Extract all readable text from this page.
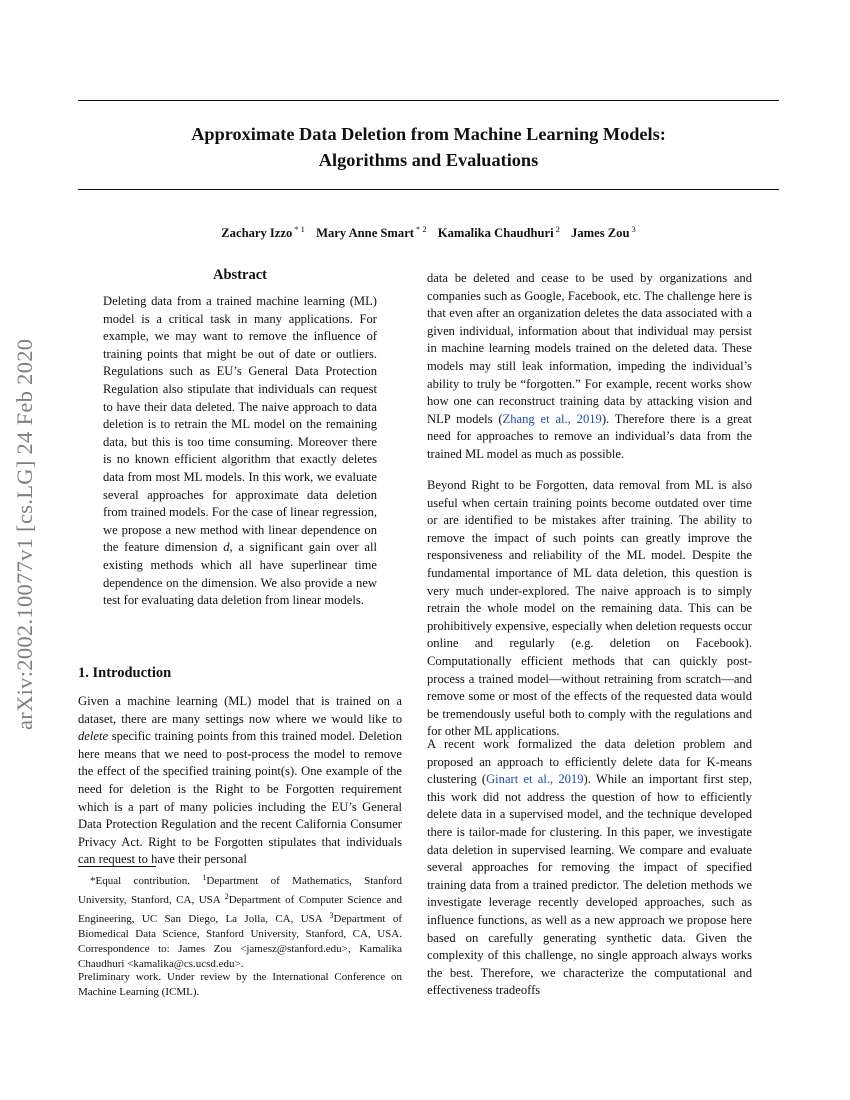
arXiv:2002.10077v1 [cs.LG] 24 Feb 2020
Approximate Data Deletion from Machine Learning Models:
Algorithms and Evaluations
Zachary Izzo $^{* 1}$ Mary Anne Smart $^{* 2}$ Kamalika Chaudhuri $^2$ James Zou $^3$
Abstract

Deleting data from a trained machine learning (ML) model is a critical task in many applications. For example, we may want to remove the influence of training points that might be out of date or outliers. Regulations such as EU’s General Data Protection Regulation also stipulate that individuals can request to have their data deleted. The naive approach to data deletion is to retrain the ML model on the remaining data, but this is too time consuming. Moreover there is no known efficient algorithm that exactly deletes data from most ML models. In this work, we evaluate several approaches for approximate data deletion from trained models. For the case of linear regression, we propose a new method with linear dependence on the feature dimension d, a significant gain over all existing methods which all have superlinear time dependence on the dimension. We also provide a new test for evaluating data deletion from linear models.

1. Introduction

Given a machine learning (ML) model that is trained on a dataset, there are many settings now where we would like to delete specific training points from this trained model. Deletion here means that we need to post-process the model to remove the effect of the specified training point(s). One example of the need for deletion is the Right to be Forgotten requirement which is a part of many policies including the EU’s General Data Protection Regulation and the recent California Consumer Privacy Act. Right to be Forgotten stipulates that individuals can request to have their personal

*Equal contribution. $^1$Department of Mathematics, Stanford University, Stanford, CA, USA $^2$Department of Computer Science and Engineering, UC San Diego, La Jolla, CA, USA $^3$Department of Biomedical Data Science, Stanford University, Stanford, CA, USA. Correspondence to: James Zou <jamesz@stanford.edu>, Kamalika Chaudhuri <kamalika@cs.ucsd.edu>.

Preliminary work. Under review by the International Conference on Machine Learning (ICML).

data be deleted and cease to be used by organizations and companies such as Google, Facebook, etc. The challenge here is that even after an organization deletes the data associated with a given individual, information about that individual may persist in machine learning models trained on the deleted data. These models may still leak information, impeding the individual’s ability to truly be “forgotten.” For example, recent works show how one can reconstruct training data by attacking vision and NLP models (Zhang et al., 2019). Therefore there is a great need for approaches to remove an individual’s data from the trained ML model as much as possible.

Beyond Right to be Forgotten, data removal from ML is also useful when certain training points become outdated over time or are identified to be mistakes after training. The ability to remove the impact of such points can greatly improve the responsiveness and reliability of the ML model. Despite the fundamental importance of ML data deletion, this question is very much under-explored. The naive approach is to simply retrain the whole model on the remaining data. This can be prohibitively expensive, especially when deletion requests occur online and regularly (e.g. deletion on Facebook). Computationally efficient methods that can quickly post-process a trained model—without retraining from scratch—and remove some or most of the effects of the requested data would be tremendously useful both to comply with the regulations and for other ML applications.

A recent work formalized the data deletion problem and proposed an approach to efficiently delete data for K-means clustering (Ginart et al., 2019). While an important first step, this work did not address the question of how to efficiently delete data in a supervised model, and the technique developed there is tailor-made for clustering. In this paper, we investigate data deletion in supervised learning. We compare and evaluate several approaches for removing the impact of specified training data from a trained predictor. The deletion methods we investigate leverage recently developed approaches, such as influence functions, as well as a new approach we propose here based on carefully generating synthetic data. Given the complexity of this challenge, no single approach always works the best. Therefore, we characterize the computational and effectiveness tradeoffs
